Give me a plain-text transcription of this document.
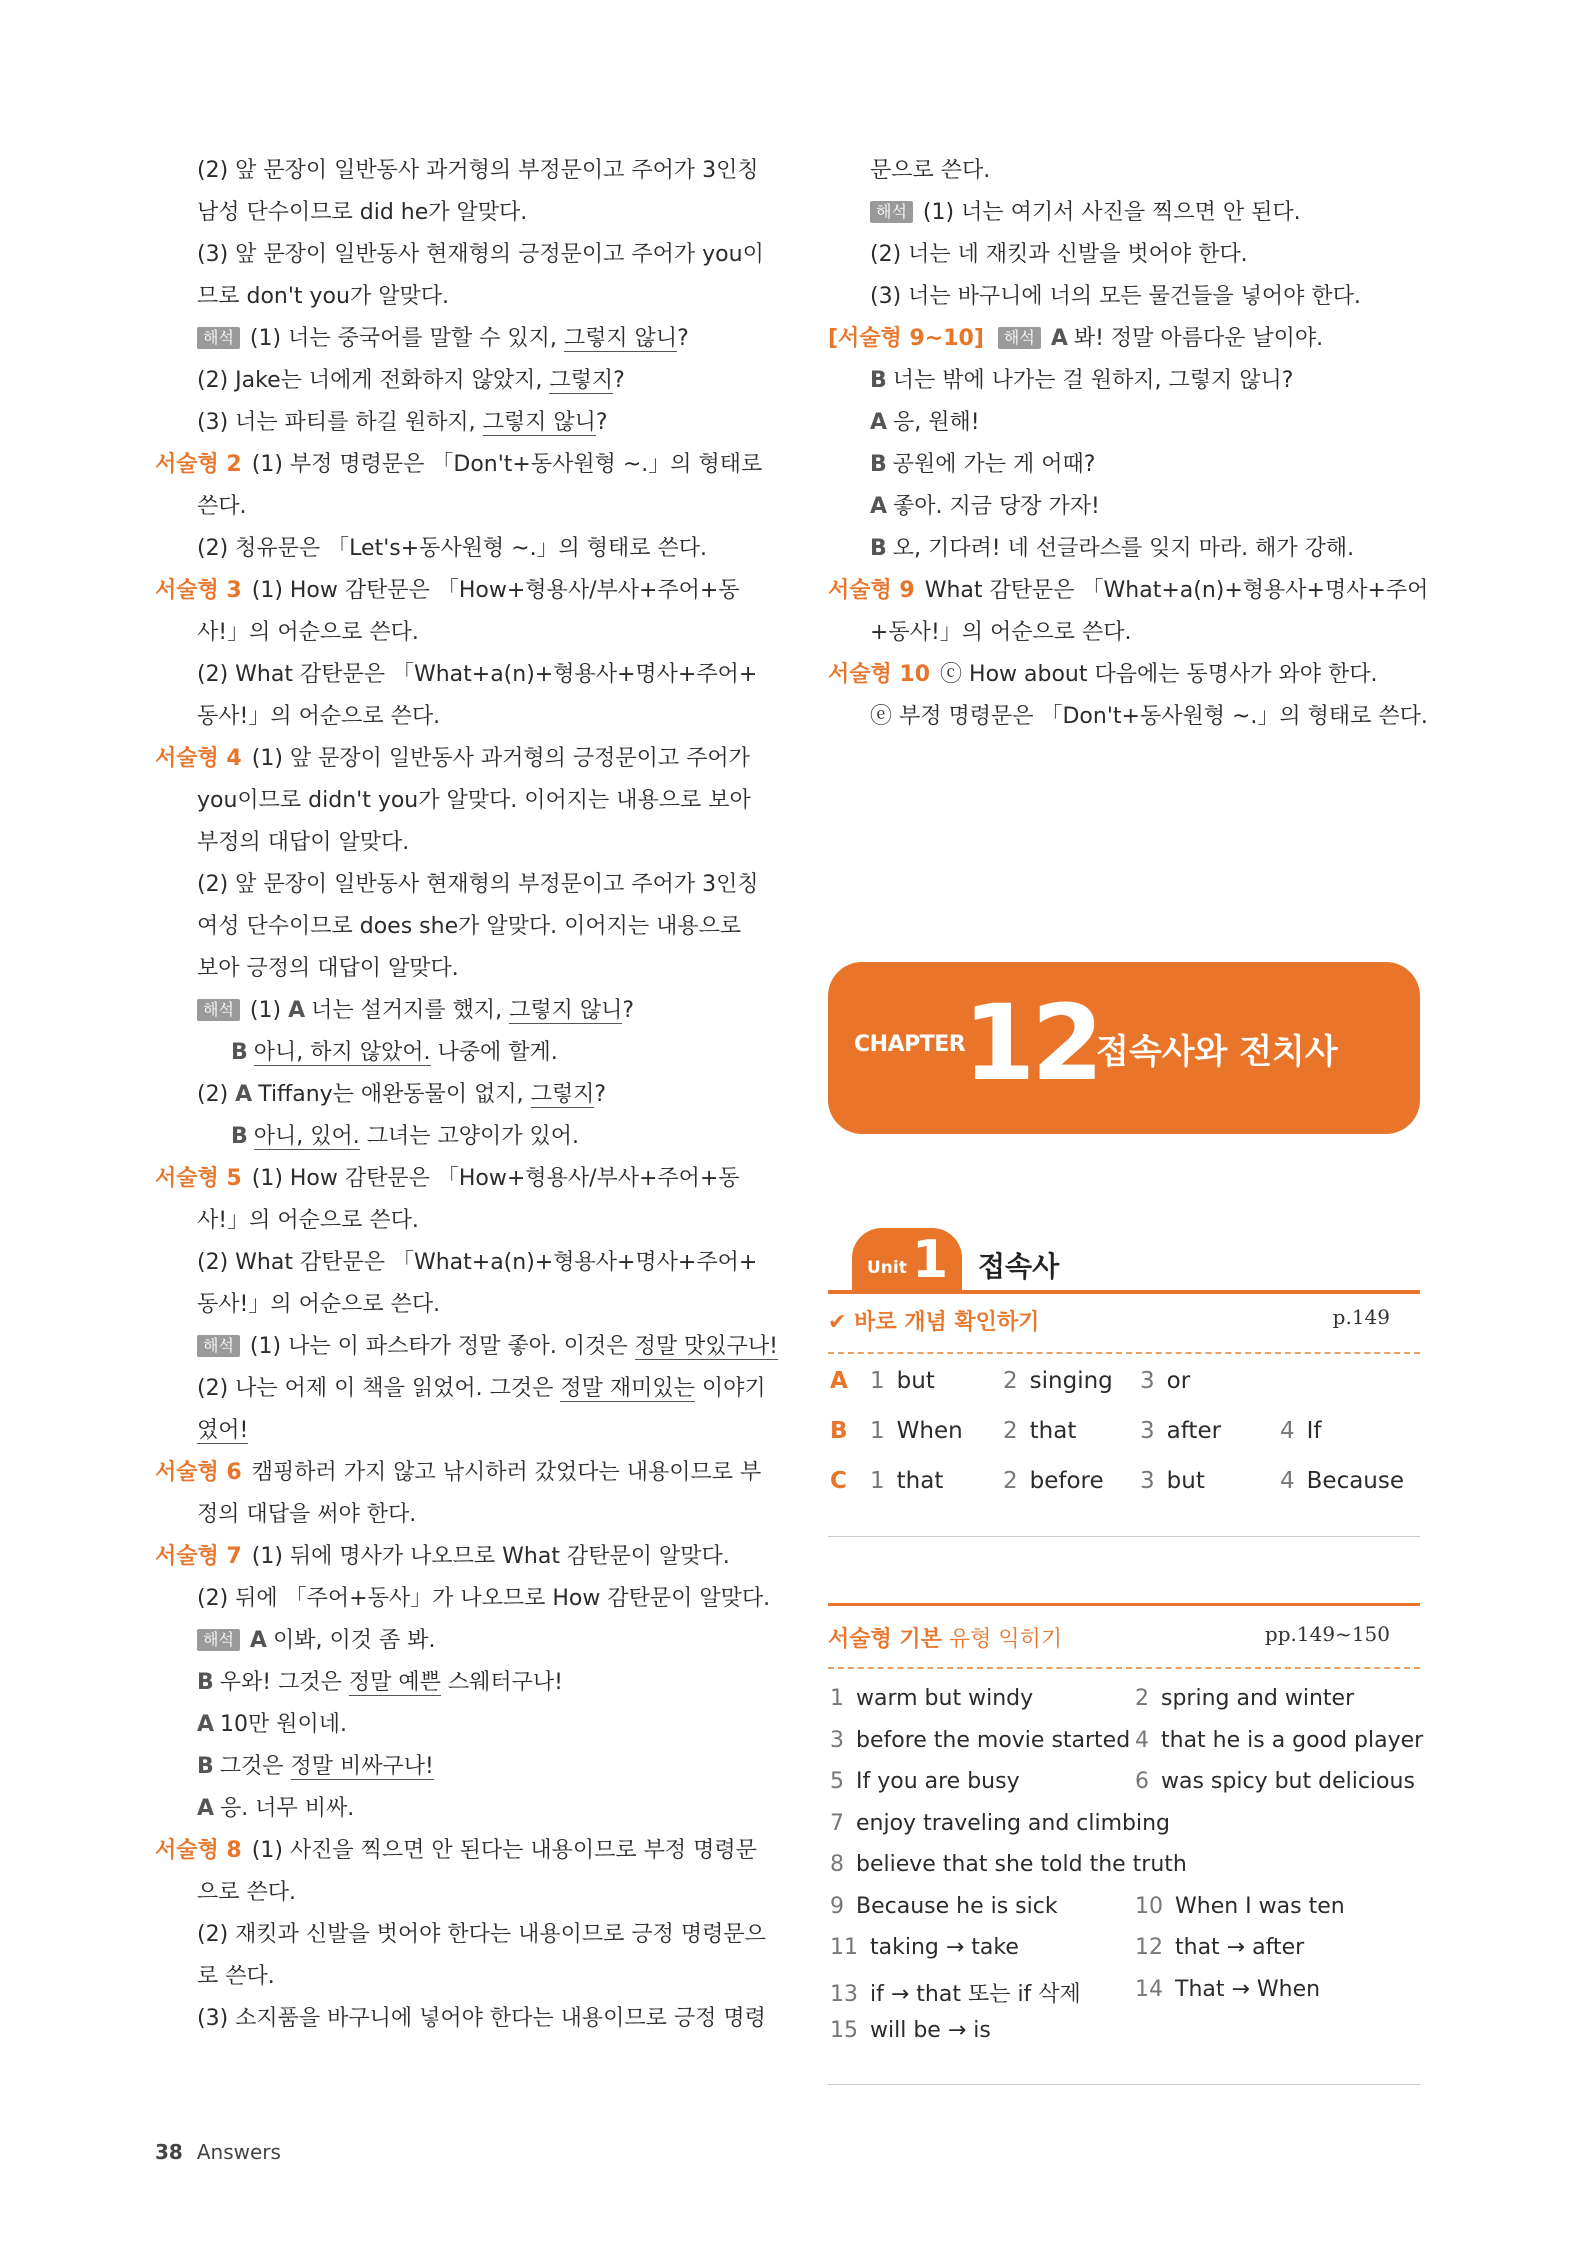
(2) 앞 문장이 일반동사 과거형의 부정문이고 주어가 3인칭
남성 단수이므로 did he가 알맞다.
(3) 앞 문장이 일반동사 현재형의 긍정문이고 주어가 you이
므로 don't you가 알맞다.
해석 (1) 너는 중국어를 말할 수 있지, 그렇지 않니?
(2) Jake는 너에게 전화하지 않았지, 그렇지?
(3) 너는 파티를 하길 원하지, 그렇지 않니?
서술형 2 (1) 부정 명령문은 「Don't+동사원형 ~.」의 형태로
쓴다.
(2) 청유문은 「Let's+동사원형 ~.」의 형태로 쓴다.
서술형 3 (1) How 감탄문은 「How+형용사/부사+주어+동
사!」의 어순으로 쓴다.
(2) What 감탄문은 「What+a(n)+형용사+명사+주어+
동사!」의 어순으로 쓴다.
서술형 4 (1) 앞 문장이 일반동사 과거형의 긍정문이고 주어가
you이므로 didn't you가 알맞다. 이어지는 내용으로 보아
부정의 대답이 알맞다.
(2) 앞 문장이 일반동사 현재형의 부정문이고 주어가 3인칭
여성 단수이므로 does she가 알맞다. 이어지는 내용으로
보아 긍정의 대답이 알맞다.
해석 (1) A 너는 설거지를 했지, 그렇지 않니?
B 아니, 하지 않았어. 나중에 할게.
(2) A Tiffany는 애완동물이 없지, 그렇지?
B 아니, 있어. 그녀는 고양이가 있어.
서술형 5 (1) How 감탄문은 「How+형용사/부사+주어+동
사!」의 어순으로 쓴다.
(2) What 감탄문은 「What+a(n)+형용사+명사+주어+
동사!」의 어순으로 쓴다.
해석 (1) 나는 이 파스타가 정말 좋아. 이것은 정말 맛있구나!
(2) 나는 어제 이 책을 읽었어. 그것은 정말 재미있는 이야기
였어!
서술형 6 캠핑하러 가지 않고 낚시하러 갔었다는 내용이므로 부
정의 대답을 써야 한다.
서술형 7 (1) 뒤에 명사가 나오므로 What 감탄문이 알맞다.
(2) 뒤에 「주어+동사」가 나오므로 How 감탄문이 알맞다.
해석 A 이봐, 이것 좀 봐.
B 우와! 그것은 정말 예쁜 스웨터구나!
A 10만 원이네.
B 그것은 정말 비싸구나!
A 응. 너무 비싸.
서술형 8 (1) 사진을 찍으면 안 된다는 내용이므로 부정 명령문
으로 쓴다.
(2) 재킷과 신발을 벗어야 한다는 내용이므로 긍정 명령문으
로 쓴다.
(3) 소지품을 바구니에 넣어야 한다는 내용이므로 긍정 명령
문으로 쓴다.
해석 (1) 너는 여기서 사진을 찍으면 안 된다.
(2) 너는 네 재킷과 신발을 벗어야 한다.
(3) 너는 바구니에 너의 모든 물건들을 넣어야 한다.
[서술형 9~10] 해석 A 봐! 정말 아름다운 날이야.
B 너는 밖에 나가는 걸 원하지, 그렇지 않니?
A 응, 원해!
B 공원에 가는 게 어때?
A 좋아. 지금 당장 가자!
B 오, 기다려! 네 선글라스를 잊지 마라. 해가 강해.
서술형 9 What 감탄문은 「What+a(n)+형용사+명사+주어
+동사!」의 어순으로 쓴다.
서술형 10 ⓒ How about 다음에는 동명사가 와야 한다.
ⓔ 부정 명령문은 「Don't+동사원형 ~.」의 형태로 쓴다.
CHAPTER
12
접속사와 전치사
Unit 1 접속사
✔ 바로 개념 확인하기	p.149
A 1 but	2 singing 3 or
B 1 When 2 that	3 after	4 If
C 1 that	2 before 3 but	4 Because
서술형 기본 유형 익히기	pp.149~150
1 warm but windy	2 spring and winter
3 before the movie started 4 that he is a good player
5 If you are busy	6 was spicy but delicious
7 enjoy traveling and climbing
8 believe that she told the truth
9 Because he is sick	10 When I was ten
11 taking → take	12 that → after
13 if → that 또는 if 삭제 14 That → When
15 will be → is
38 Answers
